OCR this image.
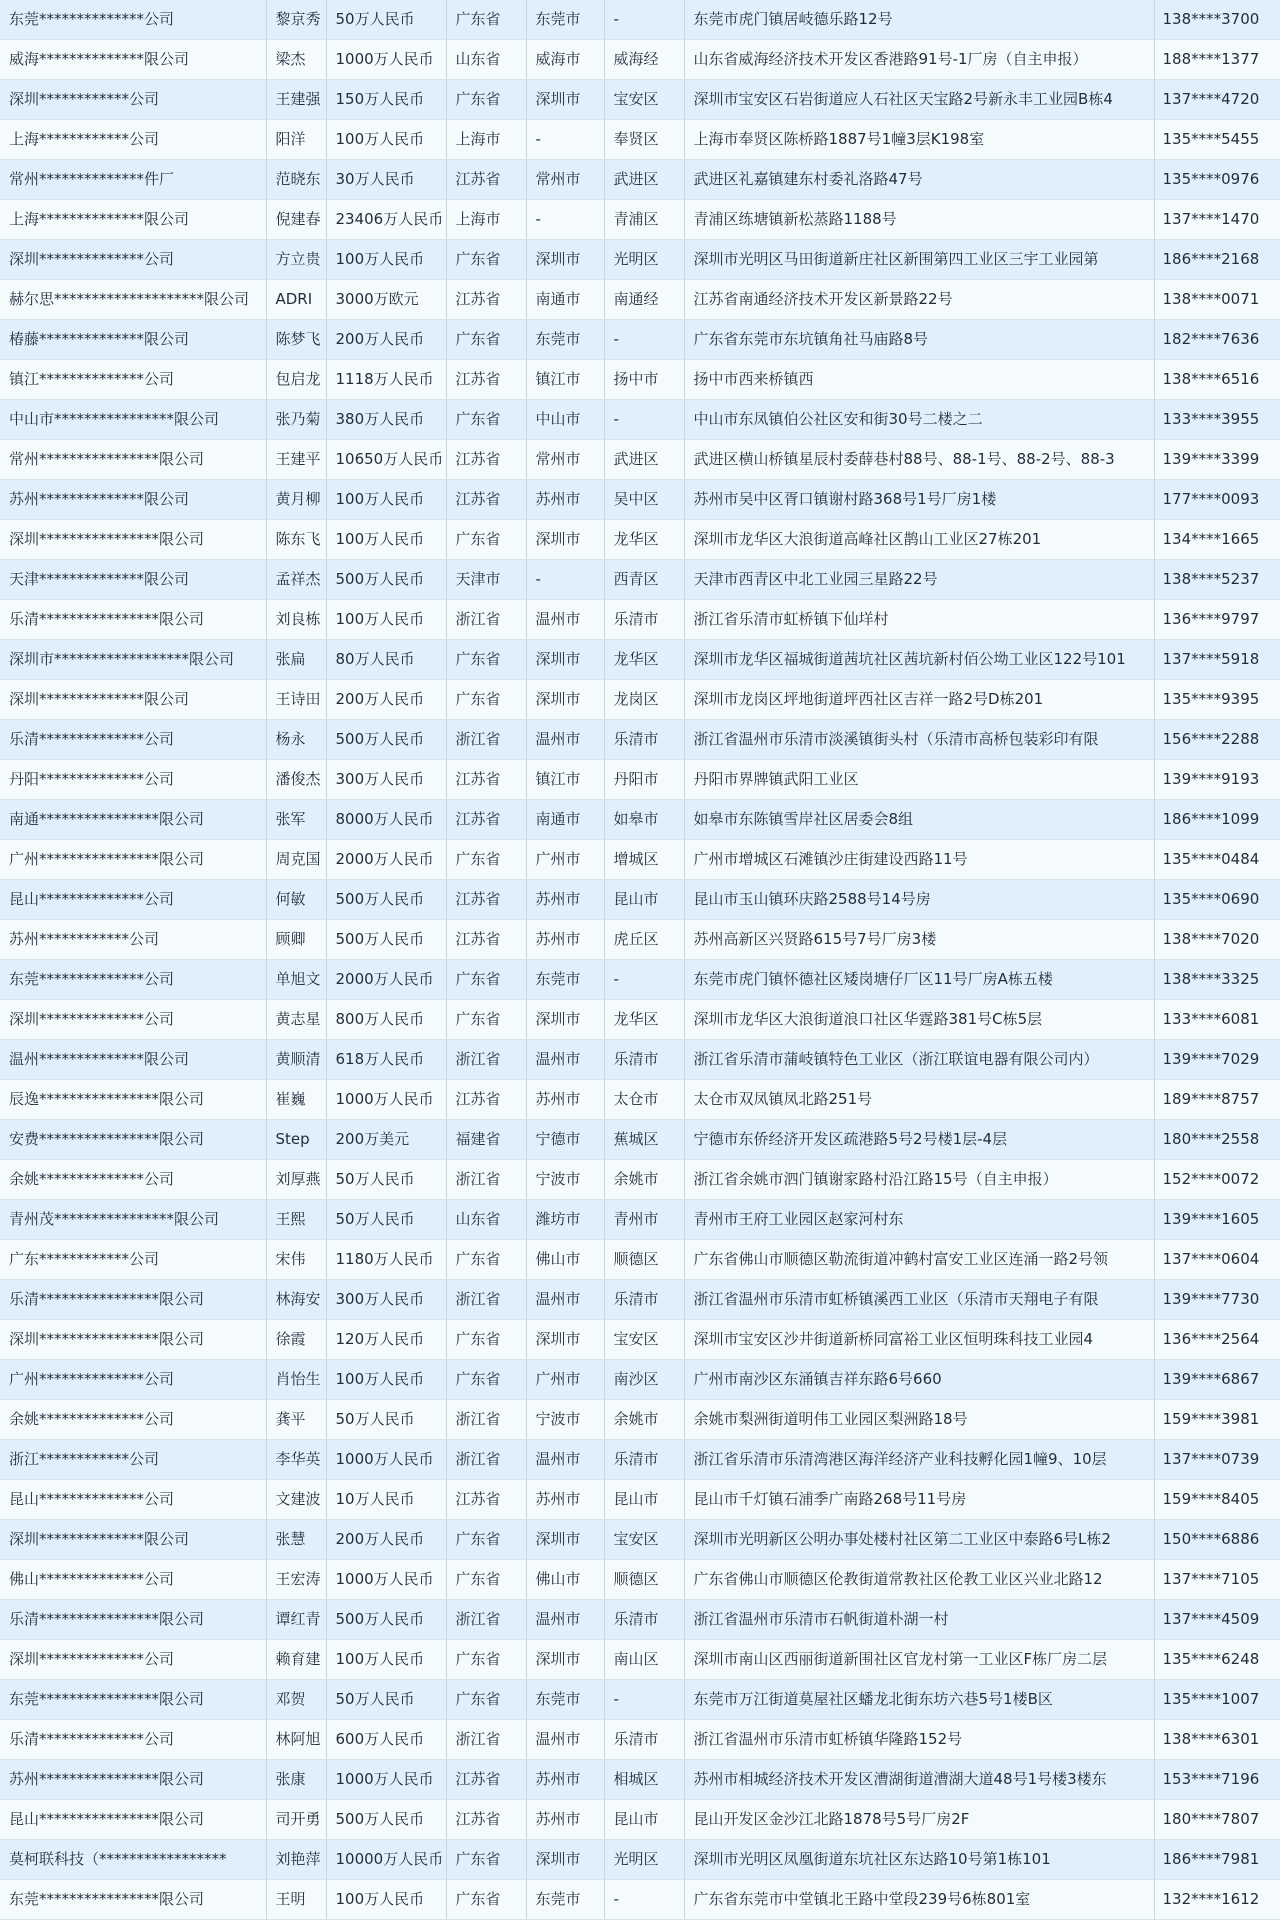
东莞**************公司	黎京秀	50万人民币	广东省	东莞市	-	东莞市虎门镇居岐德乐路12号	138****3700
威海**************限公司	梁杰	1000万人民币	山东省	威海市	威海经	山东省威海经济技术开发区香港路91号-1厂房（自主申报）	188****1377
深圳************公司	王建强	150万人民币	广东省	深圳市	宝安区	深圳市宝安区石岩街道应人石社区天宝路2号新永丰工业园B栋4	137****4720
上海************公司	阳洋	100万人民币	上海市	-	奉贤区	上海市奉贤区陈桥路1887号1幢3层K198室	135****5455
常州**************件厂	范晓东	30万人民币	江苏省	常州市	武进区	武进区礼嘉镇建东村委礼洛路47号	135****0976
上海**************限公司	倪建春	23406万人民币	上海市	-	青浦区	青浦区练塘镇新松蒸路1188号	137****1470
深圳**************公司	方立贵	100万人民币	广东省	深圳市	光明区	深圳市光明区马田街道新庄社区新围第四工业区三宇工业园第	186****2168
赫尔思********************限公司	ADRI	3000万欧元	江苏省	南通市	南通经	江苏省南通经济技术开发区新景路22号	138****0071
椿藤**************限公司	陈梦飞	200万人民币	广东省	东莞市	-	广东省东莞市东坑镇角社马庙路8号	182****7636
镇江**************公司	包启龙	1118万人民币	江苏省	镇江市	扬中市	扬中市西来桥镇西	138****6516
中山市****************限公司	张乃菊	380万人民币	广东省	中山市	-	中山市东凤镇伯公社区安和街30号二楼之二	133****3955
常州****************限公司	王建平	10650万人民币	江苏省	常州市	武进区	武进区横山桥镇星辰村委薛巷村88号、88-1号、88-2号、88-3	139****3399
苏州**************限公司	黄月柳	100万人民币	江苏省	苏州市	吴中区	苏州市吴中区胥口镇谢村路368号1号厂房1楼	177****0093
深圳****************限公司	陈东飞	100万人民币	广东省	深圳市	龙华区	深圳市龙华区大浪街道高峰社区鹊山工业区27栋201	134****1665
天津**************限公司	孟祥杰	500万人民币	天津市	-	西青区	天津市西青区中北工业园三星路22号	138****5237
乐清****************限公司	刘良栋	100万人民币	浙江省	温州市	乐清市	浙江省乐清市虹桥镇下仙垟村	136****9797
深圳市******************限公司	张扁	80万人民币	广东省	深圳市	龙华区	深圳市龙华区福城街道茜坑社区茜坑新村佰公坳工业区122号101	137****5918
深圳**************限公司	王诗田	200万人民币	广东省	深圳市	龙岗区	深圳市龙岗区坪地街道坪西社区吉祥一路2号D栋201	135****9395
乐清**************公司	杨永	500万人民币	浙江省	温州市	乐清市	浙江省温州市乐清市淡溪镇街头村（乐清市高桥包装彩印有限	156****2288
丹阳**************公司	潘俊杰	300万人民币	江苏省	镇江市	丹阳市	丹阳市界牌镇武阳工业区	139****9193
南通****************限公司	张军	8000万人民币	江苏省	南通市	如皋市	如皋市东陈镇雪岸社区居委会8组	186****1099
广州****************限公司	周克国	2000万人民币	广东省	广州市	增城区	广州市增城区石滩镇沙庄街建设西路11号	135****0484
昆山**************公司	何敏	500万人民币	江苏省	苏州市	昆山市	昆山市玉山镇环庆路2588号14号房	135****0690
苏州************公司	顾卿	500万人民币	江苏省	苏州市	虎丘区	苏州高新区兴贤路615号7号厂房3楼	138****7020
东莞**************公司	单旭文	2000万人民币	广东省	东莞市	-	东莞市虎门镇怀德社区矮岗塘仔厂区11号厂房A栋五楼	138****3325
深圳**************公司	黄志星	800万人民币	广东省	深圳市	龙华区	深圳市龙华区大浪街道浪口社区华霆路381号C栋5层	133****6081
温州**************限公司	黄顺清	618万人民币	浙江省	温州市	乐清市	浙江省乐清市蒲岐镇特色工业区（浙江联谊电器有限公司内）	139****7029
辰逸****************限公司	崔巍	1000万人民币	江苏省	苏州市	太仓市	太仓市双凤镇凤北路251号	189****8757
安费****************限公司	Step	200万美元	福建省	宁德市	蕉城区	宁德市东侨经济开发区疏港路5号2号楼1层-4层	180****2558
余姚**************公司	刘厚燕	50万人民币	浙江省	宁波市	余姚市	浙江省余姚市泗门镇谢家路村沿江路15号（自主申报）	152****0072
青州茂****************限公司	王熙	50万人民币	山东省	潍坊市	青州市	青州市王府工业园区赵家河村东	139****1605
广东************公司	宋伟	1180万人民币	广东省	佛山市	顺德区	广东省佛山市顺德区勒流街道冲鹤村富安工业区连涌一路2号领	137****0604
乐清****************限公司	林海安	300万人民币	浙江省	温州市	乐清市	浙江省温州市乐清市虹桥镇溪西工业区（乐清市天翔电子有限	139****7730
深圳****************限公司	徐霞	120万人民币	广东省	深圳市	宝安区	深圳市宝安区沙井街道新桥同富裕工业区恒明珠科技工业园4	136****2564
广州**************公司	肖怡生	100万人民币	广东省	广州市	南沙区	广州市南沙区东涌镇吉祥东路6号660	139****6867
余姚**************公司	龚平	50万人民币	浙江省	宁波市	余姚市	余姚市梨洲街道明伟工业园区梨洲路18号	159****3981
浙江************公司	李华英	1000万人民币	浙江省	温州市	乐清市	浙江省乐清市乐清湾港区海洋经济产业科技孵化园1幢9、10层	137****0739
昆山**************公司	文建波	10万人民币	江苏省	苏州市	昆山市	昆山市千灯镇石浦季广南路268号11号房	159****8405
深圳**************限公司	张慧	200万人民币	广东省	深圳市	宝安区	深圳市光明新区公明办事处楼村社区第二工业区中泰路6号L栋2	150****6886
佛山**************公司	王宏涛	1000万人民币	广东省	佛山市	顺德区	广东省佛山市顺德区伦教街道常教社区伦教工业区兴业北路12	137****7105
乐清****************限公司	谭红青	500万人民币	浙江省	温州市	乐清市	浙江省温州市乐清市石帆街道朴湖一村	137****4509
深圳**************公司	赖育建	100万人民币	广东省	深圳市	南山区	深圳市南山区西丽街道新围社区官龙村第一工业区F栋厂房二层	135****6248
东莞****************限公司	邓贺	50万人民币	广东省	东莞市	-	东莞市万江街道莫屋社区蟠龙北街东坊六巷5号1楼B区	135****1007
乐清**************公司	林阿旭	600万人民币	浙江省	温州市	乐清市	浙江省温州市乐清市虹桥镇华隆路152号	138****6301
苏州****************限公司	张康	1000万人民币	江苏省	苏州市	相城区	苏州市相城经济技术开发区漕湖街道漕湖大道48号1号楼3楼东	153****7196
昆山****************限公司	司开勇	500万人民币	江苏省	苏州市	昆山市	昆山开发区金沙江北路1878号5号厂房2F	180****7807
莫柯联科技（*****************	刘艳萍	10000万人民币	广东省	深圳市	光明区	深圳市光明区凤凰街道东坑社区东达路10号第1栋101	186****7981
东莞****************限公司	王明	100万人民币	广东省	东莞市	-	广东省东莞市中堂镇北王路中堂段239号6栋801室	132****1612
